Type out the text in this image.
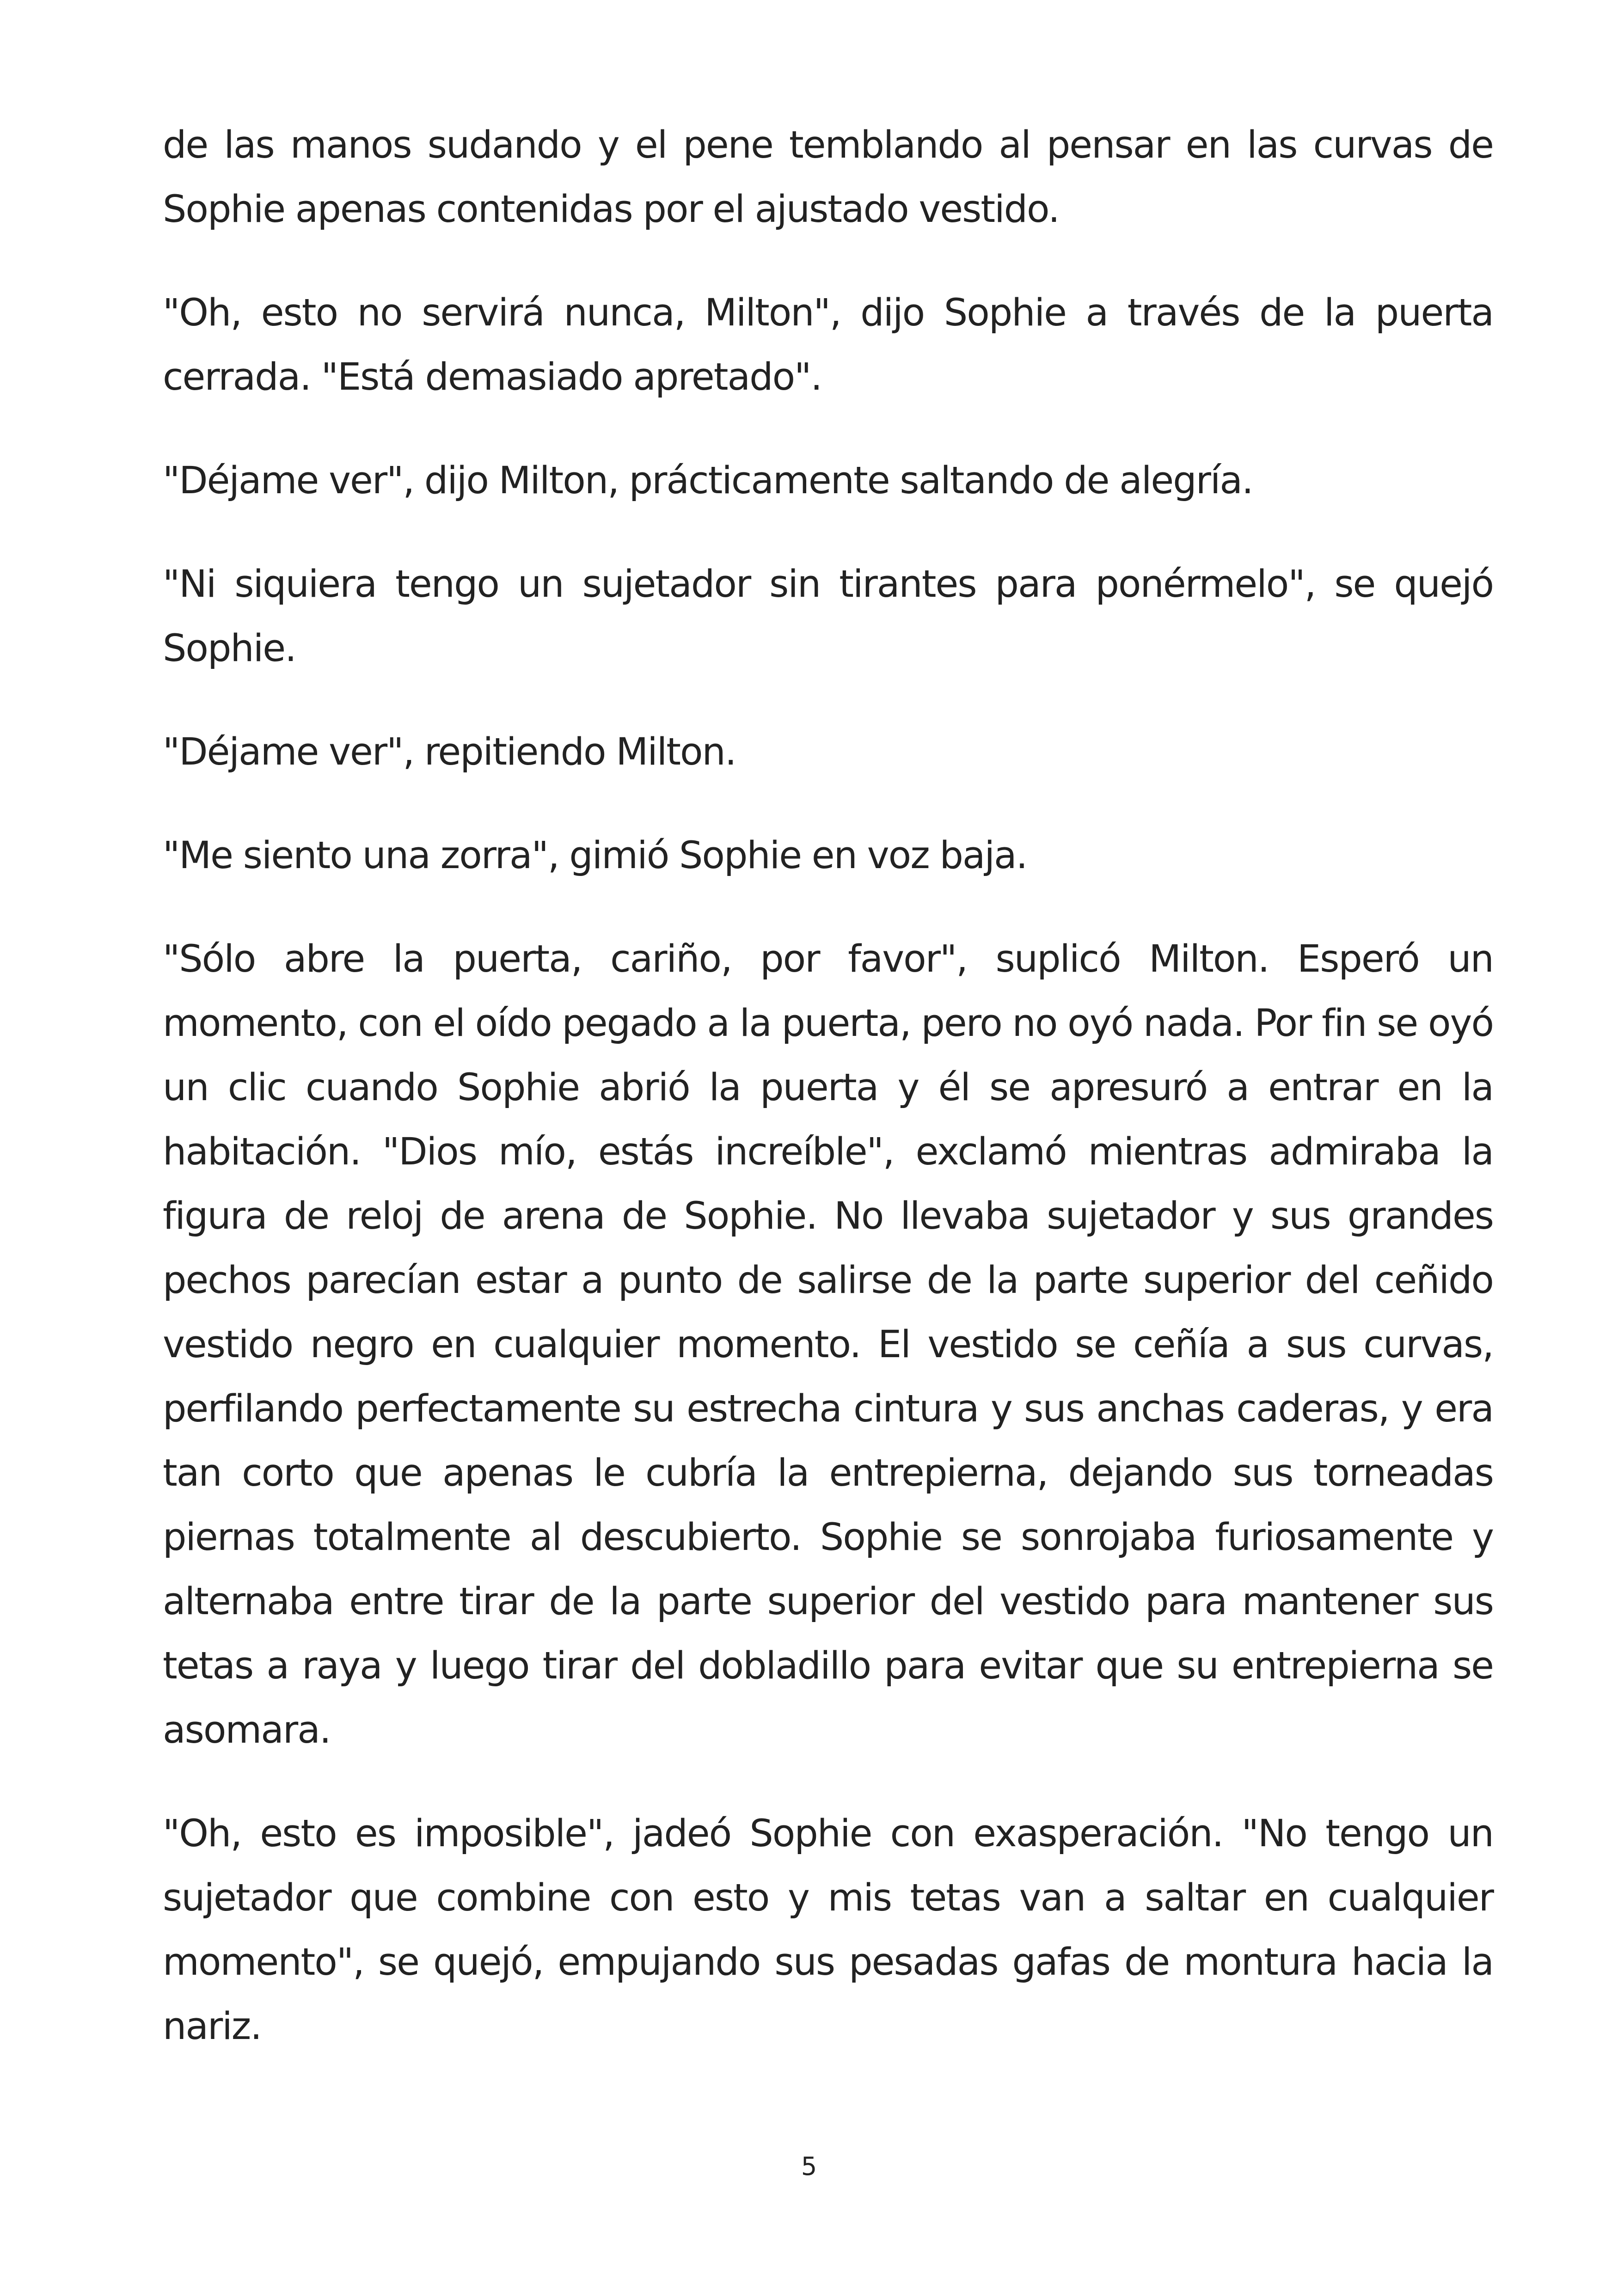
de las manos sudando y el pene temblando al pensar en las curvas de Sophie apenas contenidas por el ajustado vestido.

"Oh, esto no servirá nunca, Milton", dijo Sophie a través de la puerta cerrada. "Está demasiado apretado".

"Déjame ver", dijo Milton, prácticamente saltando de alegría.

"Ni siquiera tengo un sujetador sin tirantes para ponérmelo", se quejó Sophie.

"Déjame ver", repitiendo Milton.

"Me siento una zorra", gimió Sophie en voz baja.

"Sólo abre la puerta, cariño, por favor", suplicó Milton. Esperó un momento, con el oído pegado a la puerta, pero no oyó nada. Por fin se oyó un clic cuando Sophie abrió la puerta y él se apresuró a entrar en la habitación. "Dios mío, estás increíble", exclamó mientras admiraba la figura de reloj de arena de Sophie. No llevaba sujetador y sus grandes pechos parecían estar a punto de salirse de la parte superior del ceñido vestido negro en cualquier momento. El vestido se ceñía a sus curvas, perfilando perfectamente su estrecha cintura y sus anchas caderas, y era tan corto que apenas le cubría la entrepierna, dejando sus torneadas piernas totalmente al descubierto. Sophie se sonrojaba furiosamente y alternaba entre tirar de la parte superior del vestido para mantener sus tetas a raya y luego tirar del dobladillo para evitar que su entrepierna se asomara.

"Oh, esto es imposible", jadeó Sophie con exasperación. "No tengo un sujetador que combine con esto y mis tetas van a saltar en cualquier momento", se quejó, empujando sus pesadas gafas de montura hacia la nariz.

5
